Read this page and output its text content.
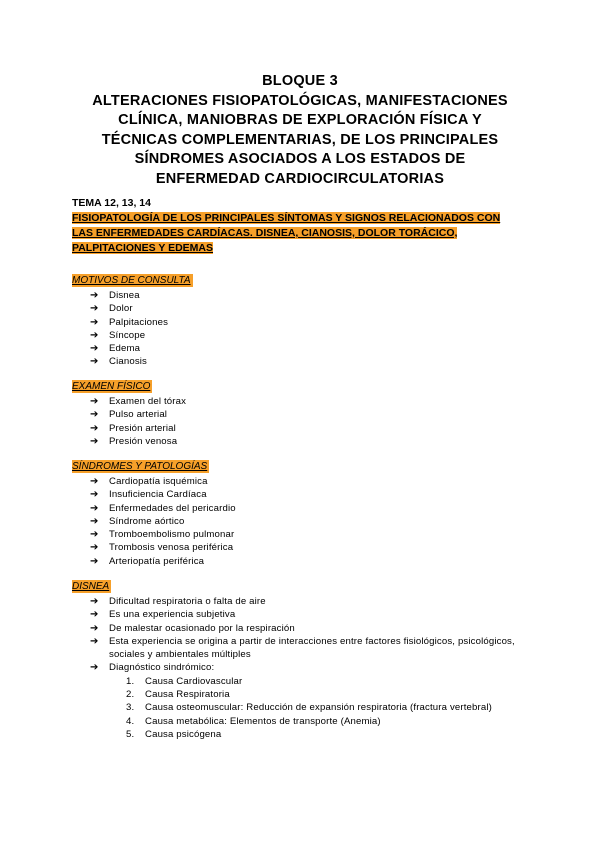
BLOQUE 3
ALTERACIONES FISIOPATOLÓGICAS, MANIFESTACIONES
CLÍNICA, MANIOBRAS DE EXPLORACIÓN FÍSICA Y
TÉCNICAS COMPLEMENTARIAS, DE LOS PRINCIPALES
SÍNDROMES ASOCIADOS A LOS ESTADOS DE
ENFERMEDAD CARDIOCIRCULATORIAS
TEMA 12, 13, 14
FISIOPATOLOGÍA DE LOS PRINCIPALES SÍNTOMAS Y SIGNOS RELACIONADOS CON
LAS ENFERMEDADES CARDÍACAS. DISNEA, CIANOSIS, DOLOR TORÁCICO,
PALPITACIONES Y EDEMAS
MOTIVOS DE CONSULTA
➔ Disnea
➔ Dolor
➔ Palpitaciones
➔ Síncope
➔ Edema
➔ Cianosis
EXAMEN FÍSICO
➔ Examen del tórax
➔ Pulso arterial
➔ Presión arterial
➔ Presión venosa
SÍNDROMES Y PATOLOGÍAS
➔ Cardiopatía isquémica
➔ Insuficiencia Cardíaca
➔ Enfermedades del pericardio
➔ Síndrome aórtico
➔ Tromboembolismo pulmonar
➔ Trombosis venosa periférica
➔ Arteriopatía periférica
DISNEA
➔ Dificultad respiratoria o falta de aire
➔ Es una experiencia subjetiva
➔ De malestar ocasionado por la respiración
➔ Esta experiencia se origina a partir de interacciones entre factores fisiológicos, psicológicos, sociales y ambientales múltiples
➔ Diagnóstico sindrómico:
1. Causa Cardiovascular
2. Causa Respiratoria
3. Causa osteomuscular: Reducción de expansión respiratoria (fractura vertebral)
4. Causa metabólica: Elementos de transporte (Anemia)
5. Causa psicógena
